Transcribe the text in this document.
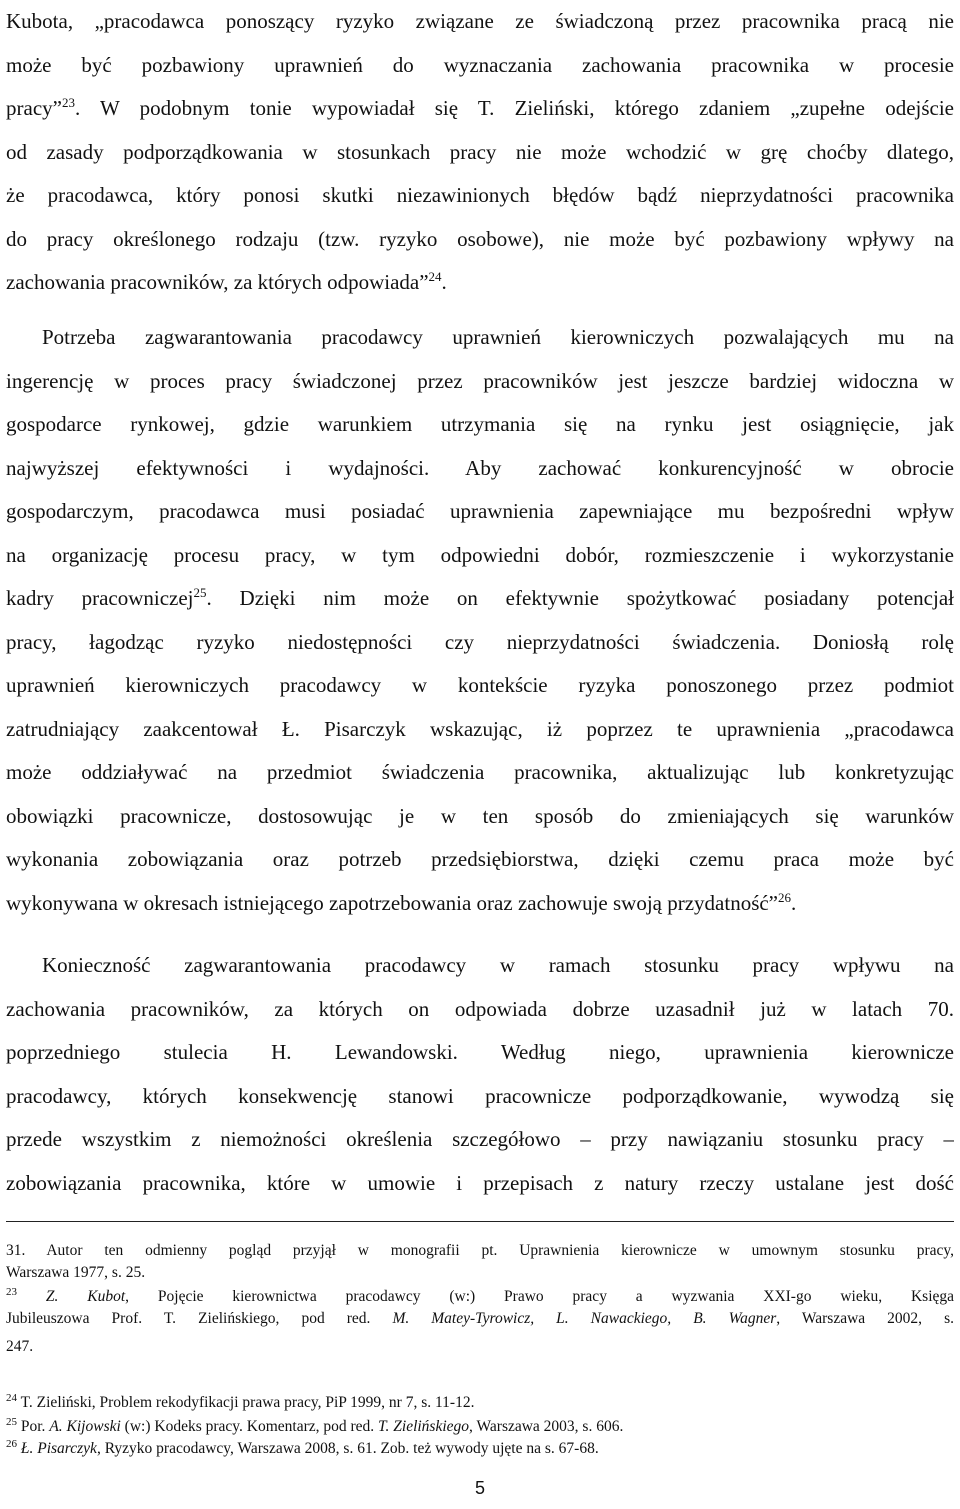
Kubota, „pracodawca ponoszący ryzyko związane ze świadczoną przez pracownika pracą nie
może być pozbawiony uprawnień do wyznaczania zachowania pracownika w procesie
pracy”$^{23}$. W podobnym tonie wypowiadał się T. Zieliński, którego zdaniem „zupełne odejście
od zasady podporządkowania w stosunkach pracy nie może wchodzić w grę choćby dlatego,
że pracodawca, który ponosi skutki niezawinionych błędów bądź nieprzydatności pracownika
do pracy określonego rodzaju (tzw. ryzyko osobowe), nie może być pozbawiony wpływy na
zachowania pracowników, za których odpowiada”$^{24}$.
Potrzeba zagwarantowania pracodawcy uprawnień kierowniczych pozwalających mu na
ingerencję w proces pracy świadczonej przez pracowników jest jeszcze bardziej widoczna w
gospodarce rynkowej, gdzie warunkiem utrzymania się na rynku jest osiągnięcie, jak
najwyższej efektywności i wydajności. Aby zachować konkurencyjność w obrocie
gospodarczym, pracodawca musi posiadać uprawnienia zapewniające mu bezpośredni wpływ
na organizację procesu pracy, w tym odpowiedni dobór, rozmieszczenie i wykorzystanie
kadry pracowniczej$^{25}$. Dzięki nim może on efektywnie spożytkować posiadany potencjał
pracy, łagodząc ryzyko niedostępności czy nieprzydatności świadczenia. Doniosłą rolę
uprawnień kierowniczych pracodawcy w kontekście ryzyka ponoszonego przez podmiot
zatrudniający zaakcentował Ł. Pisarczyk wskazując, iż poprzez te uprawnienia „pracodawca
może oddziaływać na przedmiot świadczenia pracownika, aktualizując lub konkretyzując
obowiązki pracownicze, dostosowując je w ten sposób do zmieniających się warunków
wykonania zobowiązania oraz potrzeb przedsiębiorstwa, dzięki czemu praca może być
wykonywana w okresach istniejącego zapotrzebowania oraz zachowuje swoją przydatność”$^{26}$.
Konieczność zagwarantowania pracodawcy w ramach stosunku pracy wpływu na
zachowania pracowników, za których on odpowiada dobrze uzasadnił już w latach 70.
poprzedniego stulecia H. Lewandowski. Według niego, uprawnienia kierownicze
pracodawcy, których konsekwencję stanowi pracownicze podporządkowanie, wywodzą się
przede wszystkim z niemożności określenia szczegółowo – przy nawiązaniu stosunku pracy –
zobowiązania pracownika, które w umowie i przepisach z natury rzeczy ustalane jest dość
31. Autor ten odmienny pogląd przyjął w monografii pt. Uprawnienia kierownicze w umownym stosunku pracy,
Warszawa 1977, s. 25.
$^{23}$ Z. Kubot, Pojęcie kierownictwa pracodawcy (w:) Prawo pracy a wyzwania XXI-go wieku, Księga
Jubileuszowa Prof. T. Zielińskiego, pod red. M. Matey-Tyrowicz, L. Nawackiego, B. Wagner, Warszawa 2002, s.
247.
$^{24}$ T. Zieliński, Problem rekodyfikacji prawa pracy, PiP 1999, nr 7, s. 11-12.
$^{25}$ Por. A. Kijowski (w:) Kodeks pracy. Komentarz, pod red. T. Zielińskiego, Warszawa 2003, s. 606.
$^{26}$ Ł. Pisarczyk, Ryzyko pracodawcy, Warszawa 2008, s. 61. Zob. też wywody ujęte na s. 67-68.
5
